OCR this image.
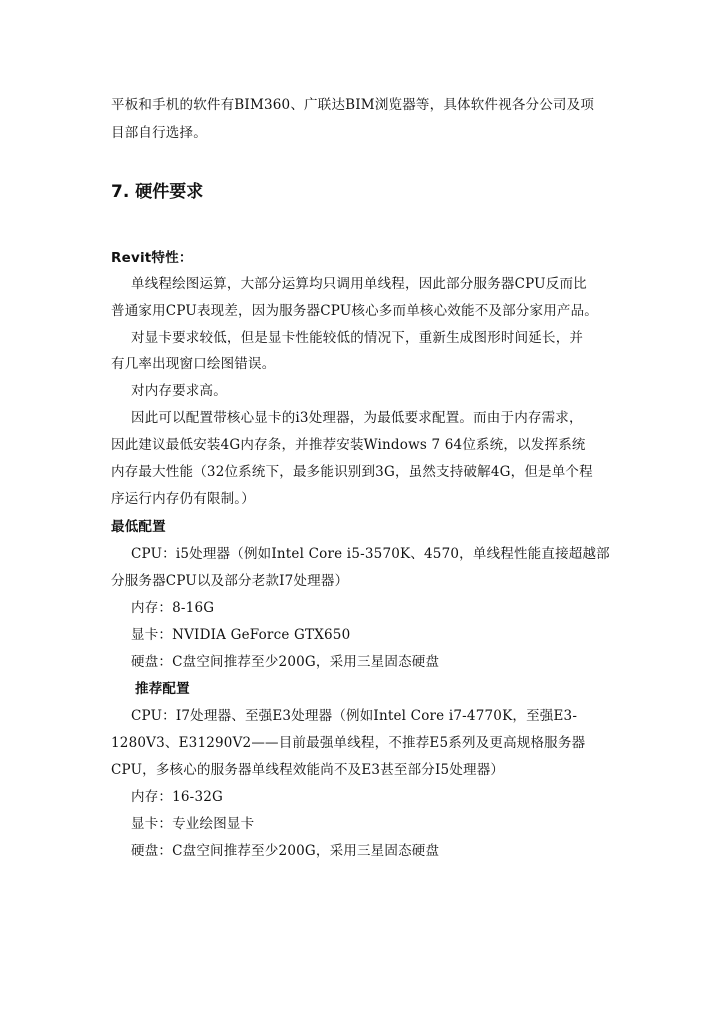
平板和手机的软件有BIM360、广联达BIM浏览器等，具体软件视各分公司及项
目部自行选择。
7. 硬件要求
Revit特性：
单线程绘图运算，大部分运算均只调用单线程，因此部分服务器CPU反而比
普通家用CPU表现差，因为服务器CPU核心多而单核心效能不及部分家用产品。
对显卡要求较低，但是显卡性能较低的情况下，重新生成图形时间延长，并
有几率出现窗口绘图错误。
对内存要求高。
因此可以配置带核心显卡的i3处理器，为最低要求配置。而由于内存需求，
因此建议最低安装4G内存条，并推荐安装Windows 7 64位系统，以发挥系统
内存最大性能（32位系统下，最多能识别到3G，虽然支持破解4G，但是单个程
序运行内存仍有限制。）
最低配置
CPU：i5处理器（例如Intel Core i5-3570K、4570，单线程性能直接超越部
分服务器CPU以及部分老款I7处理器）
内存：8-16G
显卡：NVIDIA GeForce GTX650
硬盘：C盘空间推荐至少200G，采用三星固态硬盘
推荐配置
CPU：I7处理器、至强E3处理器（例如Intel Core i7-4770K，至强E3-
1280V3、E31290V2——目前最强单线程，不推荐E5系列及更高规格服务器
CPU，多核心的服务器单线程效能尚不及E3甚至部分I5处理器）
内存：16-32G
显卡：专业绘图显卡
硬盘：C盘空间推荐至少200G，采用三星固态硬盘
